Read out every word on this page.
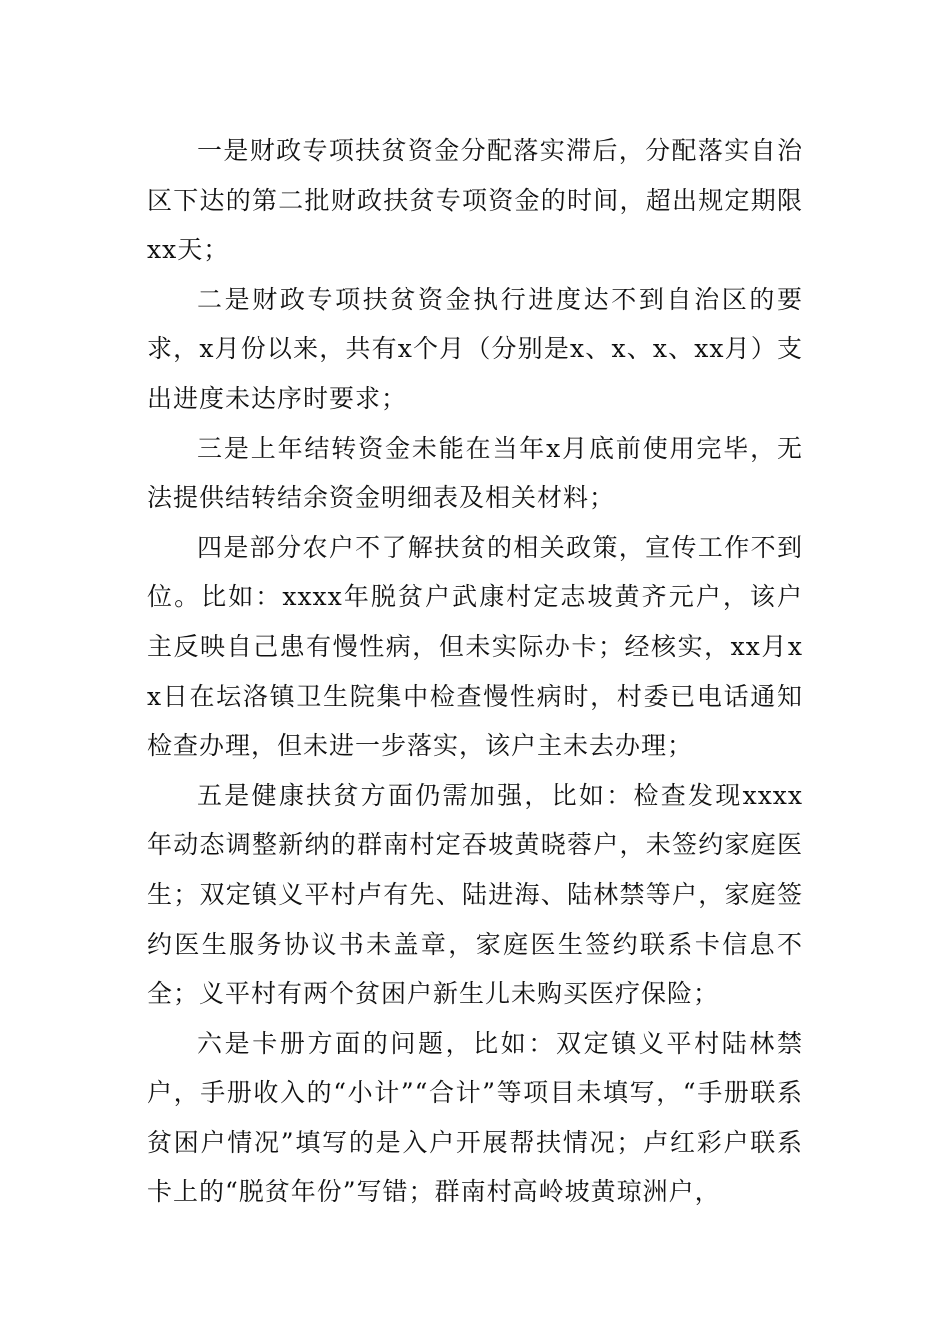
一是财政专项扶贫资金分配落实滞后，分配落实自治区下达的第二批财政扶贫专项资金的时间，超出规定期限xx天；

二是财政专项扶贫资金执行进度达不到自治区的要求，x月份以来，共有x个月（分别是x、x、x、xx月）支出进度未达序时要求；

三是上年结转资金未能在当年x月底前使用完毕，无法提供结转结余资金明细表及相关材料；

四是部分农户不了解扶贫的相关政策，宣传工作不到位。比如：xxxx年脱贫户武康村定志坡黄齐元户，该户主反映自己患有慢性病，但未实际办卡；经核实，xx月xx日在坛洛镇卫生院集中检查慢性病时，村委已电话通知检查办理，但未进一步落实，该户主未去办理；

五是健康扶贫方面仍需加强，比如：检查发现xxxx年动态调整新纳的群南村定吞坡黄晓蓉户，未签约家庭医生；双定镇义平村卢有先、陆进海、陆林禁等户，家庭签约医生服务协议书未盖章，家庭医生签约联系卡信息不全；义平村有两个贫困户新生儿未购买医疗保险；

六是卡册方面的问题，比如：双定镇义平村陆林禁户，手册收入的“小计”“合计”等项目未填写，“手册联系贫困户情况”填写的是入户开展帮扶情况；卢红彩户联系卡上的“脱贫年份”写错；群南村高岭坡黄琼洲户，
